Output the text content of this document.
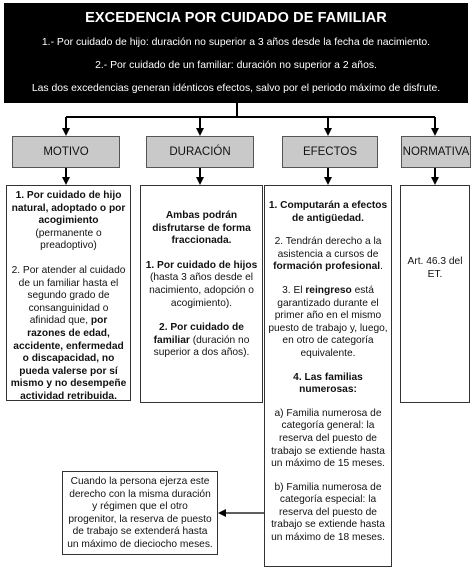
EXCEDENCIA POR CUIDADO DE FAMILIAR
1.- Por cuidado de hijo: duración no superior a 3 años desde la fecha de nacimiento.
2.- Por cuidado de un familiar: duración no superior a 2 años.
Las dos excedencias generan idénticos efectos, salvo por el periodo máximo de disfrute.
MOTIVO	DURACIÓN	EFECTOS	NORMATIVA

1. Por cuidado de hijo natural, adoptado o por acogimiento (permanente o preadoptivo)

2. Por atender al cuidado de un familiar hasta el segundo grado de consanguinidad o afinidad que, por razones de edad, accidente, enfermedad o discapacidad, no pueda valerse por sí mismo y no desempeñe actividad retribuida.

Ambas podrán disfrutarse de forma fraccionada.

1. Por cuidado de hijos (hasta 3 años desde el nacimiento, adopción o acogimiento).

2. Por cuidado de familiar (duración no superior a dos años).

1. Computarán a efectos de antigüedad.

2. Tendrán derecho a la asistencia a cursos de formación profesional.

3. El reingreso está garantizado durante el primer año en el mismo puesto de trabajo y, luego, en otro de categoría equivalente.

4. Las familias numerosas:

a) Familia numerosa de categoría general: la reserva del puesto de trabajo se extiende hasta un máximo de 15 meses.

b) Familia numerosa de categoría especial: la reserva del puesto de trabajo se extiende hasta un máximo de 18 meses.

Art. 46.3 del ET.

Cuando la persona ejerza este derecho con la misma duración y régimen que el otro progenitor, la reserva de puesto de trabajo se extenderá hasta un máximo de dieciocho meses.
